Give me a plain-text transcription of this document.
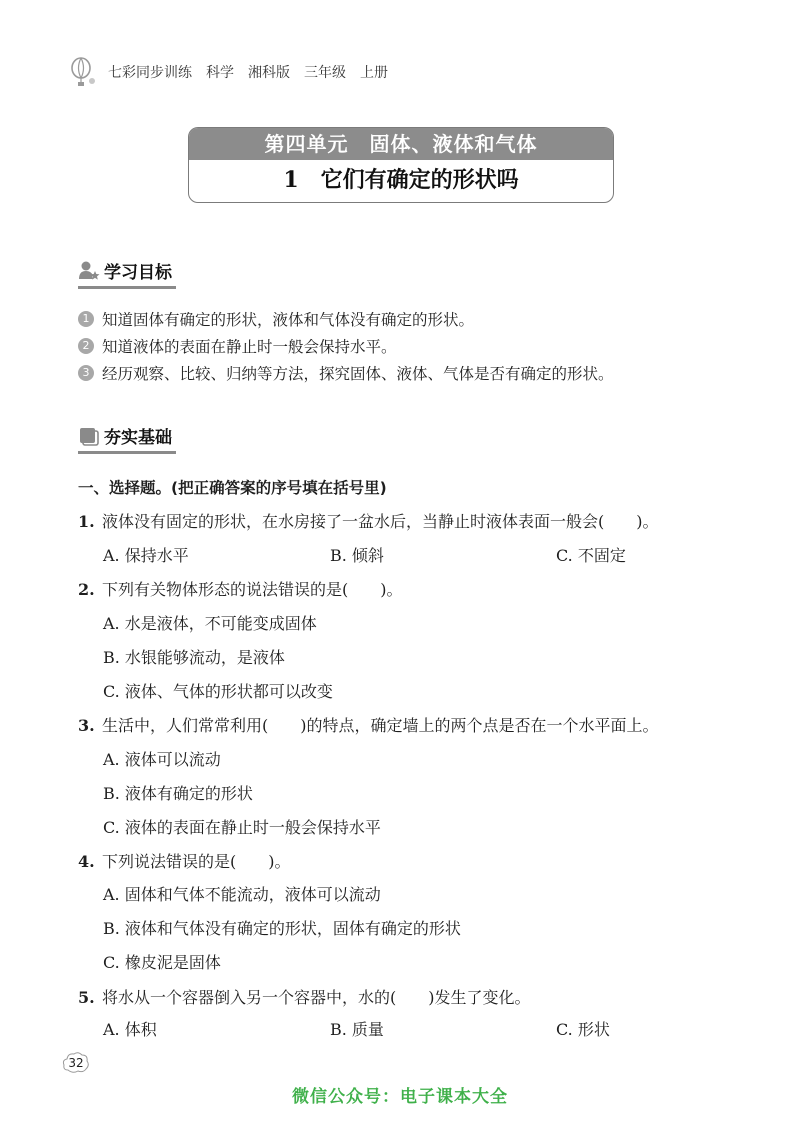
七彩同步训练 科学 湘科版 三年级 上册
第四单元　固体、液体和气体
1　它们有确定的形状吗
学习目标
1 知道固体有确定的形状，液体和气体没有确定的形状。
2 知道液体的表面在静止时一般会保持水平。
3 经历观察、比较、归纳等方法，探究固体、液体、气体是否有确定的形状。
夯实基础
一、选择题。(把正确答案的序号填在括号里)
1. 液体没有固定的形状，在水房接了一盆水后，当静止时液体表面一般会(　　)。
A. 保持水平	B. 倾斜	C. 不固定
2. 下列有关物体形态的说法错误的是(　　)。
A. 水是液体，不可能变成固体
B. 水银能够流动，是液体
C. 液体、气体的形状都可以改变
3. 生活中，人们常常利用(　　)的特点，确定墙上的两个点是否在一个水平面上。
A. 液体可以流动
B. 液体有确定的形状
C. 液体的表面在静止时一般会保持水平
4. 下列说法错误的是(　　)。
A. 固体和气体不能流动，液体可以流动
B. 液体和气体没有确定的形状，固体有确定的形状
C. 橡皮泥是固体
5. 将水从一个容器倒入另一个容器中，水的(　　)发生了变化。
A. 体积	B. 质量	C. 形状
32
微信公众号：电子课本大全
